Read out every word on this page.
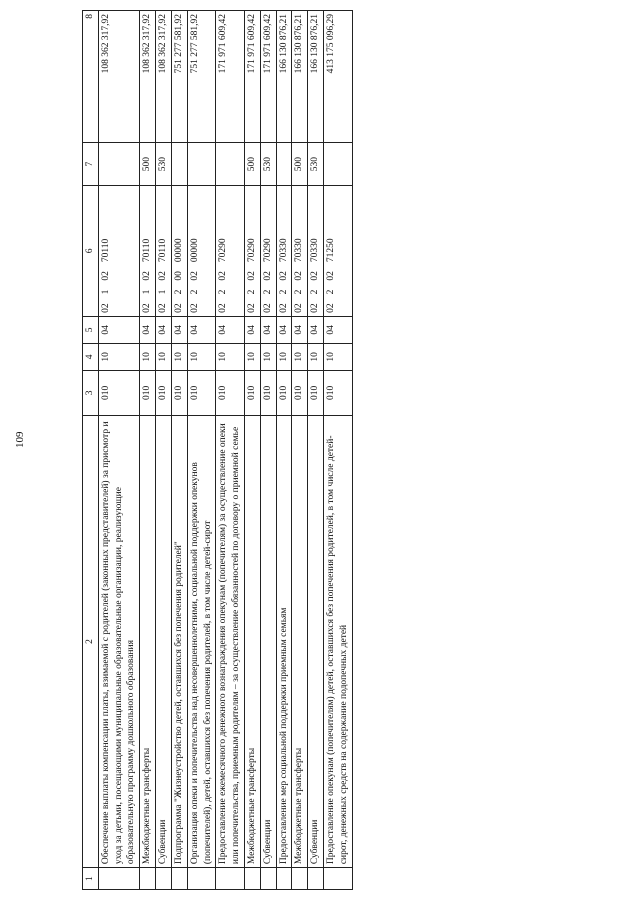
109
1	2	3	4	5	6	7	8
	Обеспечение выплаты компенсации платы, взимаемой с родителей (законных представителей) за присмотр и уход за детьми, посещающими муниципальные образовательные организации, реализующие образовательную программу дошкольного образования	010	10	04	0210270110		108 362 317,92
	Межбюджетные трансферты	010	10	04	0210270110	500	108 362 317,92
	Субвенции	010	10	04	0210270110	530	108 362 317,92
	Подпрограмма "Жизнеустройство детей, оставшихся без попечения родителей"	010	10	04	0220000000		751 277 581,92
	Организация опеки и попечительства над несовершеннолетними, социальной поддержки опекунов (попечителей), детей, оставшихся без попечения родителей, в том числе детей-сирот	010	10	04	0220200000		751 277 581,92
	Предоставление ежемесячного денежного вознаграждения опекунам (попечителям) за осуществление опеки или попечительства, приемным родителям – за осуществление обязанностей по договору о приемной семье	010	10	04	0220270290		171 971 609,42
	Межбюджетные трансферты	010	10	04	0220270290	500	171 971 609,42
	Субвенции	010	10	04	0220270290	530	171 971 609,42
	Предоставление мер социальной поддержки приемным семьям	010	10	04	0220270330		166 130 876,21
	Межбюджетные трансферты	010	10	04	0220270330	500	166 130 876,21
	Субвенции	010	10	04	0220270330	530	166 130 876,21
	Предоставление опекунам (попечителям) детей, оставшихся без попечения родителей, в том числе детей-сирот, денежных средств на содержание подопечных детей	010	10	04	0220271250		413 175 096,29
